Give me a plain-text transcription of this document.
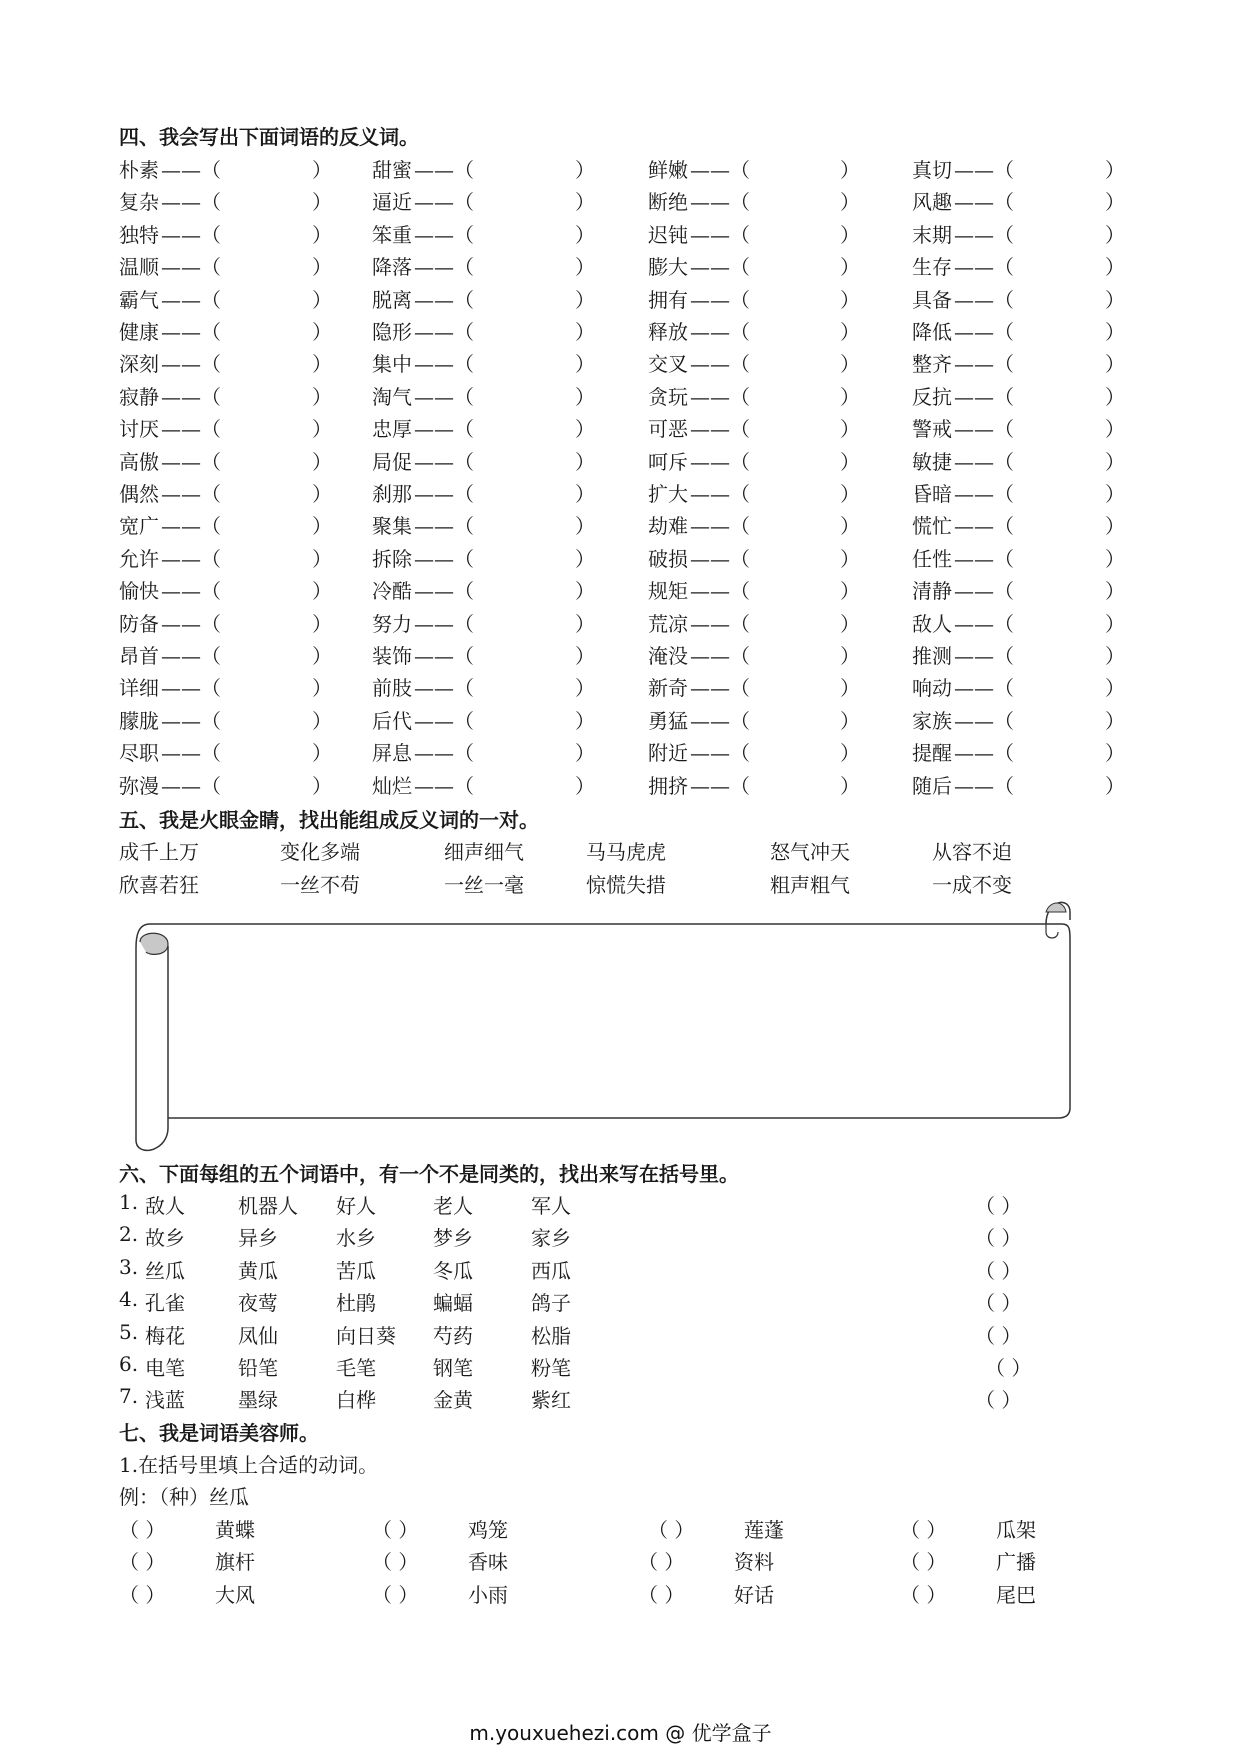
四、我会写出下面词语的反义词。
朴素 ——（	） 甜蜜 ——（	）	鲜嫩 ——（	）	真切 ——（	）
复杂 ——（	） 逼近 ——（	）	断绝 ——（	）	风趣 ——（	）
独特 ——（	） 笨重 ——（	）	迟钝 ——（	）	末期 ——（	）
温顺 ——（	） 降落 ——（	）	膨大 ——（	）	生存 ——（	）
霸气 ——（	） 脱离 ——（	）	拥有 ——（	）	具备 ——（	）
健康 ——（	） 隐形 ——（	）	释放 ——（	）	降低 ——（	）
深刻 ——（	） 集中 ——（	）	交叉 ——（	）	整齐 ——（	）
寂静 ——（	） 淘气 ——（	）	贪玩 ——（	）	反抗 ——（	）
讨厌 ——（	） 忠厚 ——（	）	可恶 ——（	）	警戒 ——（	）
高傲 ——（	） 局促 ——（	）	呵斥 ——（	）	敏捷 ——（	）
偶然 ——（	） 刹那 ——（	）	扩大 ——（	）	昏暗 ——（	）
宽广 ——（	） 聚集 ——（	）	劫难 ——（	）	慌忙 ——（	）
允许 ——（	） 拆除 ——（	）	破损 ——（	）	任性 ——（	）
愉快 ——（	） 冷酷 ——（	）	规矩 ——（	）	清静 ——（	）
防备 ——（	） 努力 ——（	）	荒凉 ——（	）	敌人 ——（	）
昂首 ——（	） 装饰 ——（	）	淹没 ——（	）	推测 ——（	）
详细 ——（	） 前肢 ——（	）	新奇 ——（	）	响动 ——（	）
朦胧 ——（	） 后代 ——（	）	勇猛 ——（	）	家族 ——（	）
尽职 ——（	） 屏息 ——（	）	附近 ——（	）	提醒 ——（	）
弥漫 ——（	） 灿烂 ——（	）	拥挤 ——（	）	随后 ——（	）
五、我是火眼金睛，找出能组成反义词的一对。
成千上万	变化多端	细声细气	马马虎虎	怒气冲天	从容不迫
欣喜若狂	一丝不苟	一丝一毫	惊慌失措	粗声粗气	一成不变
六、下面每组的五个词语中，有一个不是同类的，找出来写在括号里。
1. 敌人	机器人 好人	老人	军人	（ ）
2. 故乡	异乡	水乡	梦乡	家乡	（ ）
3. 丝瓜	黄瓜	苦瓜	冬瓜	西瓜	（ ）
4. 孔雀	夜莺	杜鹃	蝙蝠	鸽子	（ ）
5. 梅花	凤仙	向日葵 芍药	松脂	（ ）
6. 电笔	铅笔	毛笔	钢笔	粉笔	（ ）
7. 浅蓝	墨绿	白桦	金黄	紫红	（ ）
七、我是词语美容师。
1.在括号里填上合适的动词。
例：（种）丝瓜
（ ） 黄蝶	（ ） 鸡笼	（ ） 莲蓬	（ ） 瓜架
（ ） 旗杆	（ ） 香味	（ ） 资料	（ ） 广播
（ ） 大风	（ ） 小雨	（ ） 好话	（ ） 尾巴
m.youxuehezi.com @ 优学盒子
